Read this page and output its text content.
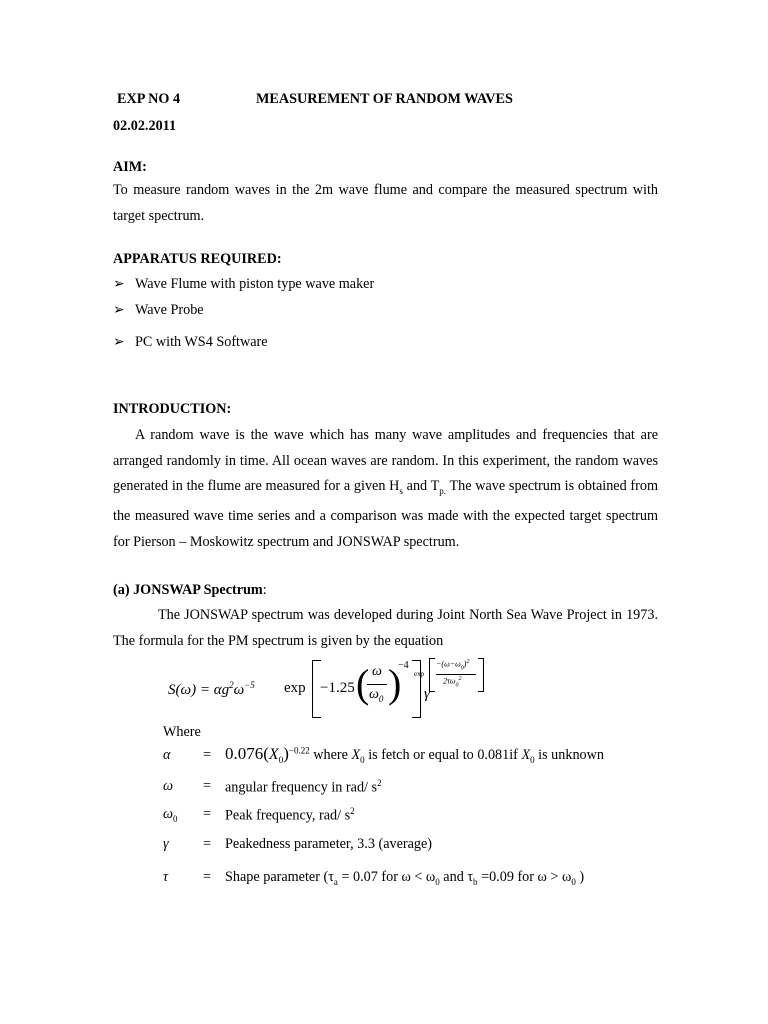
EXP NO 4	MEASUREMENT OF RANDOM WAVES
02.02.2011
AIM:
To measure random waves in the 2m wave flume and compare the measured spectrum with target spectrum.
APPARATUS REQUIRED:
➢ Wave Flume with piston type wave maker
➢ Wave Probe
➢ PC with WS4 Software
INTRODUCTION:
A random wave is the wave which has many wave amplitudes and frequencies that are arranged randomly in time. All ocean waves are random. In this experiment, the random waves generated in the flume are measured for a given $H_s$ and $T_{p.}$ The wave spectrum is obtained from the measured wave time series and a comparison was made with the expected target spectrum for Pierson – Moskowitz spectrum and JONSWAP spectrum.
(a) JONSWAP Spectrum:
The JONSWAP spectrum was developed during Joint North Sea Wave Project in 1973. The formula for the PM spectrum is given by the equation
$S(\omega) = \alpha g^2\omega^{-5}$ exp −1.25 ( ω
$\omega_0$ )
−4
γ
exp
$-(\omega-\omega_0)^2$
$2\tau\omega_0^2$
Where
$\alpha = 0.076(X_0)^{-0.22}$ where $X_0$ is fetch or equal to 0.081if $X_0$ is unknown
ω = angular frequency in rad/ $s^2$
$\omega_0$ = Peak frequency, rad/ $s^2$
γ = Peakedness parameter, 3.3 (average)
τ = Shape parameter ($\tau_a = 0.07$ for $\omega < \omega_0$ and $\tau_b =0.09$ for $\omega > \omega_0$ )
